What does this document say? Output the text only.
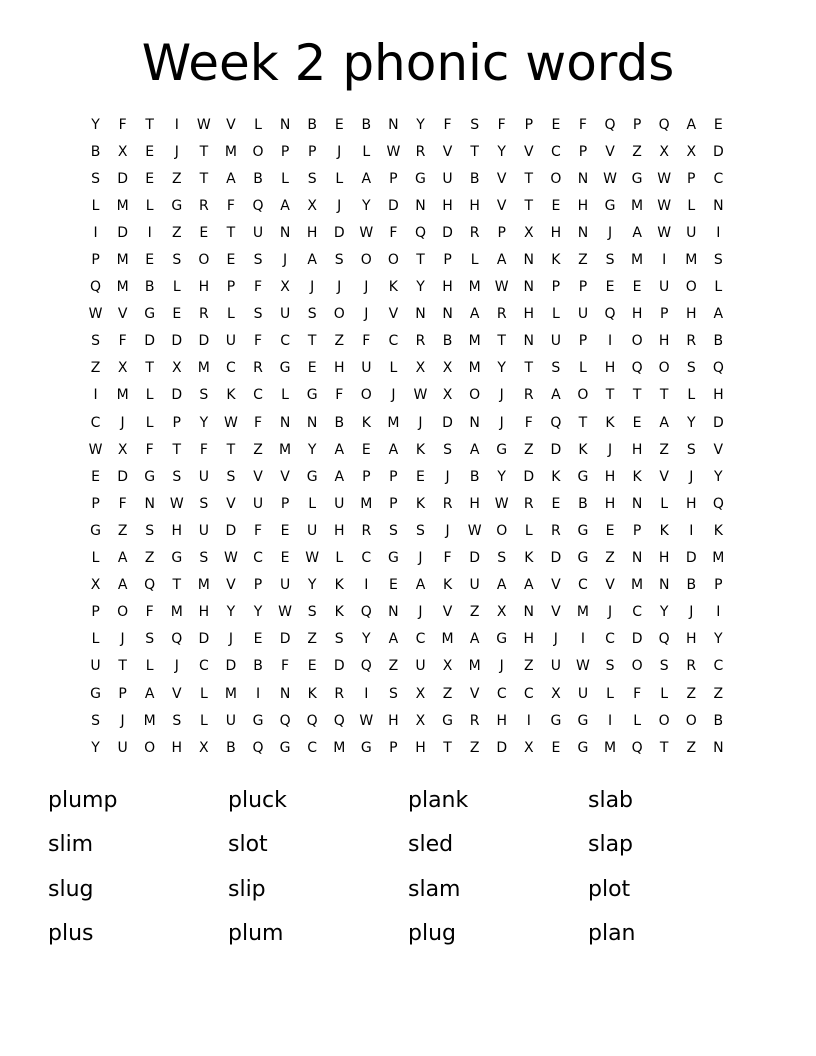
Week 2 phonic words
Y	F	T	I	W	V	L	N	B	E	B	N	Y	F	S	F	P	E	F	Q	P	Q	A	E
B	X	E	J	T	M	O	P	P	J	L	W	R	V	T	Y	V	C	P	V	Z	X	X	D
S	D	E	Z	T	A	B	L	S	L	A	P	G	U	B	V	T	O	N	W	G	W	P	C
L	M	L	G	R	F	Q	A	X	J	Y	D	N	H	H	V	T	E	H	G	M	W	L	N
I	D	I	Z	E	T	U	N	H	D	W	F	Q	D	R	P	X	H	N	J	A	W	U	I
P	M	E	S	O	E	S	J	A	S	O	O	T	P	L	A	N	K	Z	S	M	I	M	S
Q	M	B	L	H	P	F	X	J	J	J	K	Y	H	M	W	N	P	P	E	E	U	O	L
W	V	G	E	R	L	S	U	S	O	J	V	N	N	A	R	H	L	U	Q	H	P	H	A
S	F	D	D	D	U	F	C	T	Z	F	C	R	B	M	T	N	U	P	I	O	H	R	B
Z	X	T	X	M	C	R	G	E	H	U	L	X	X	M	Y	T	S	L	H	Q	O	S	Q
I	M	L	D	S	K	C	L	G	F	O	J	W	X	O	J	R	A	O	T	T	T	L	H
C	J	L	P	Y	W	F	N	N	B	K	M	J	D	N	J	F	Q	T	K	E	A	Y	D
W	X	F	T	F	T	Z	M	Y	A	E	A	K	S	A	G	Z	D	K	J	H	Z	S	V
E	D	G	S	U	S	V	V	G	A	P	P	E	J	B	Y	D	K	G	H	K	V	J	Y
P	F	N	W	S	V	U	P	L	U	M	P	K	R	H	W	R	E	B	H	N	L	H	Q
G	Z	S	H	U	D	F	E	U	H	R	S	S	J	W	O	L	R	G	E	P	K	I	K
L	A	Z	G	S	W	C	E	W	L	C	G	J	F	D	S	K	D	G	Z	N	H	D	M
X	A	Q	T	M	V	P	U	Y	K	I	E	A	K	U	A	A	V	C	V	M	N	B	P
P	O	F	M	H	Y	Y	W	S	K	Q	N	J	V	Z	X	N	V	M	J	C	Y	J	I
L	J	S	Q	D	J	E	D	Z	S	Y	A	C	M	A	G	H	J	I	C	D	Q	H	Y
U	T	L	J	C	D	B	F	E	D	Q	Z	U	X	M	J	Z	U	W	S	O	S	R	C
G	P	A	V	L	M	I	N	K	R	I	S	X	Z	V	C	C	X	U	L	F	L	Z	Z
S	J	M	S	L	U	G	Q	Q	Q	W	H	X	G	R	H	I	G	G	I	L	O	O	B
Y	U	O	H	X	B	Q	G	C	M	G	P	H	T	Z	D	X	E	G	M	Q	T	Z	N
plump	pluck	plank	slab
slim	slot	sled	slap
slug	slip	slam	plot
plus	plum	plug	plan
